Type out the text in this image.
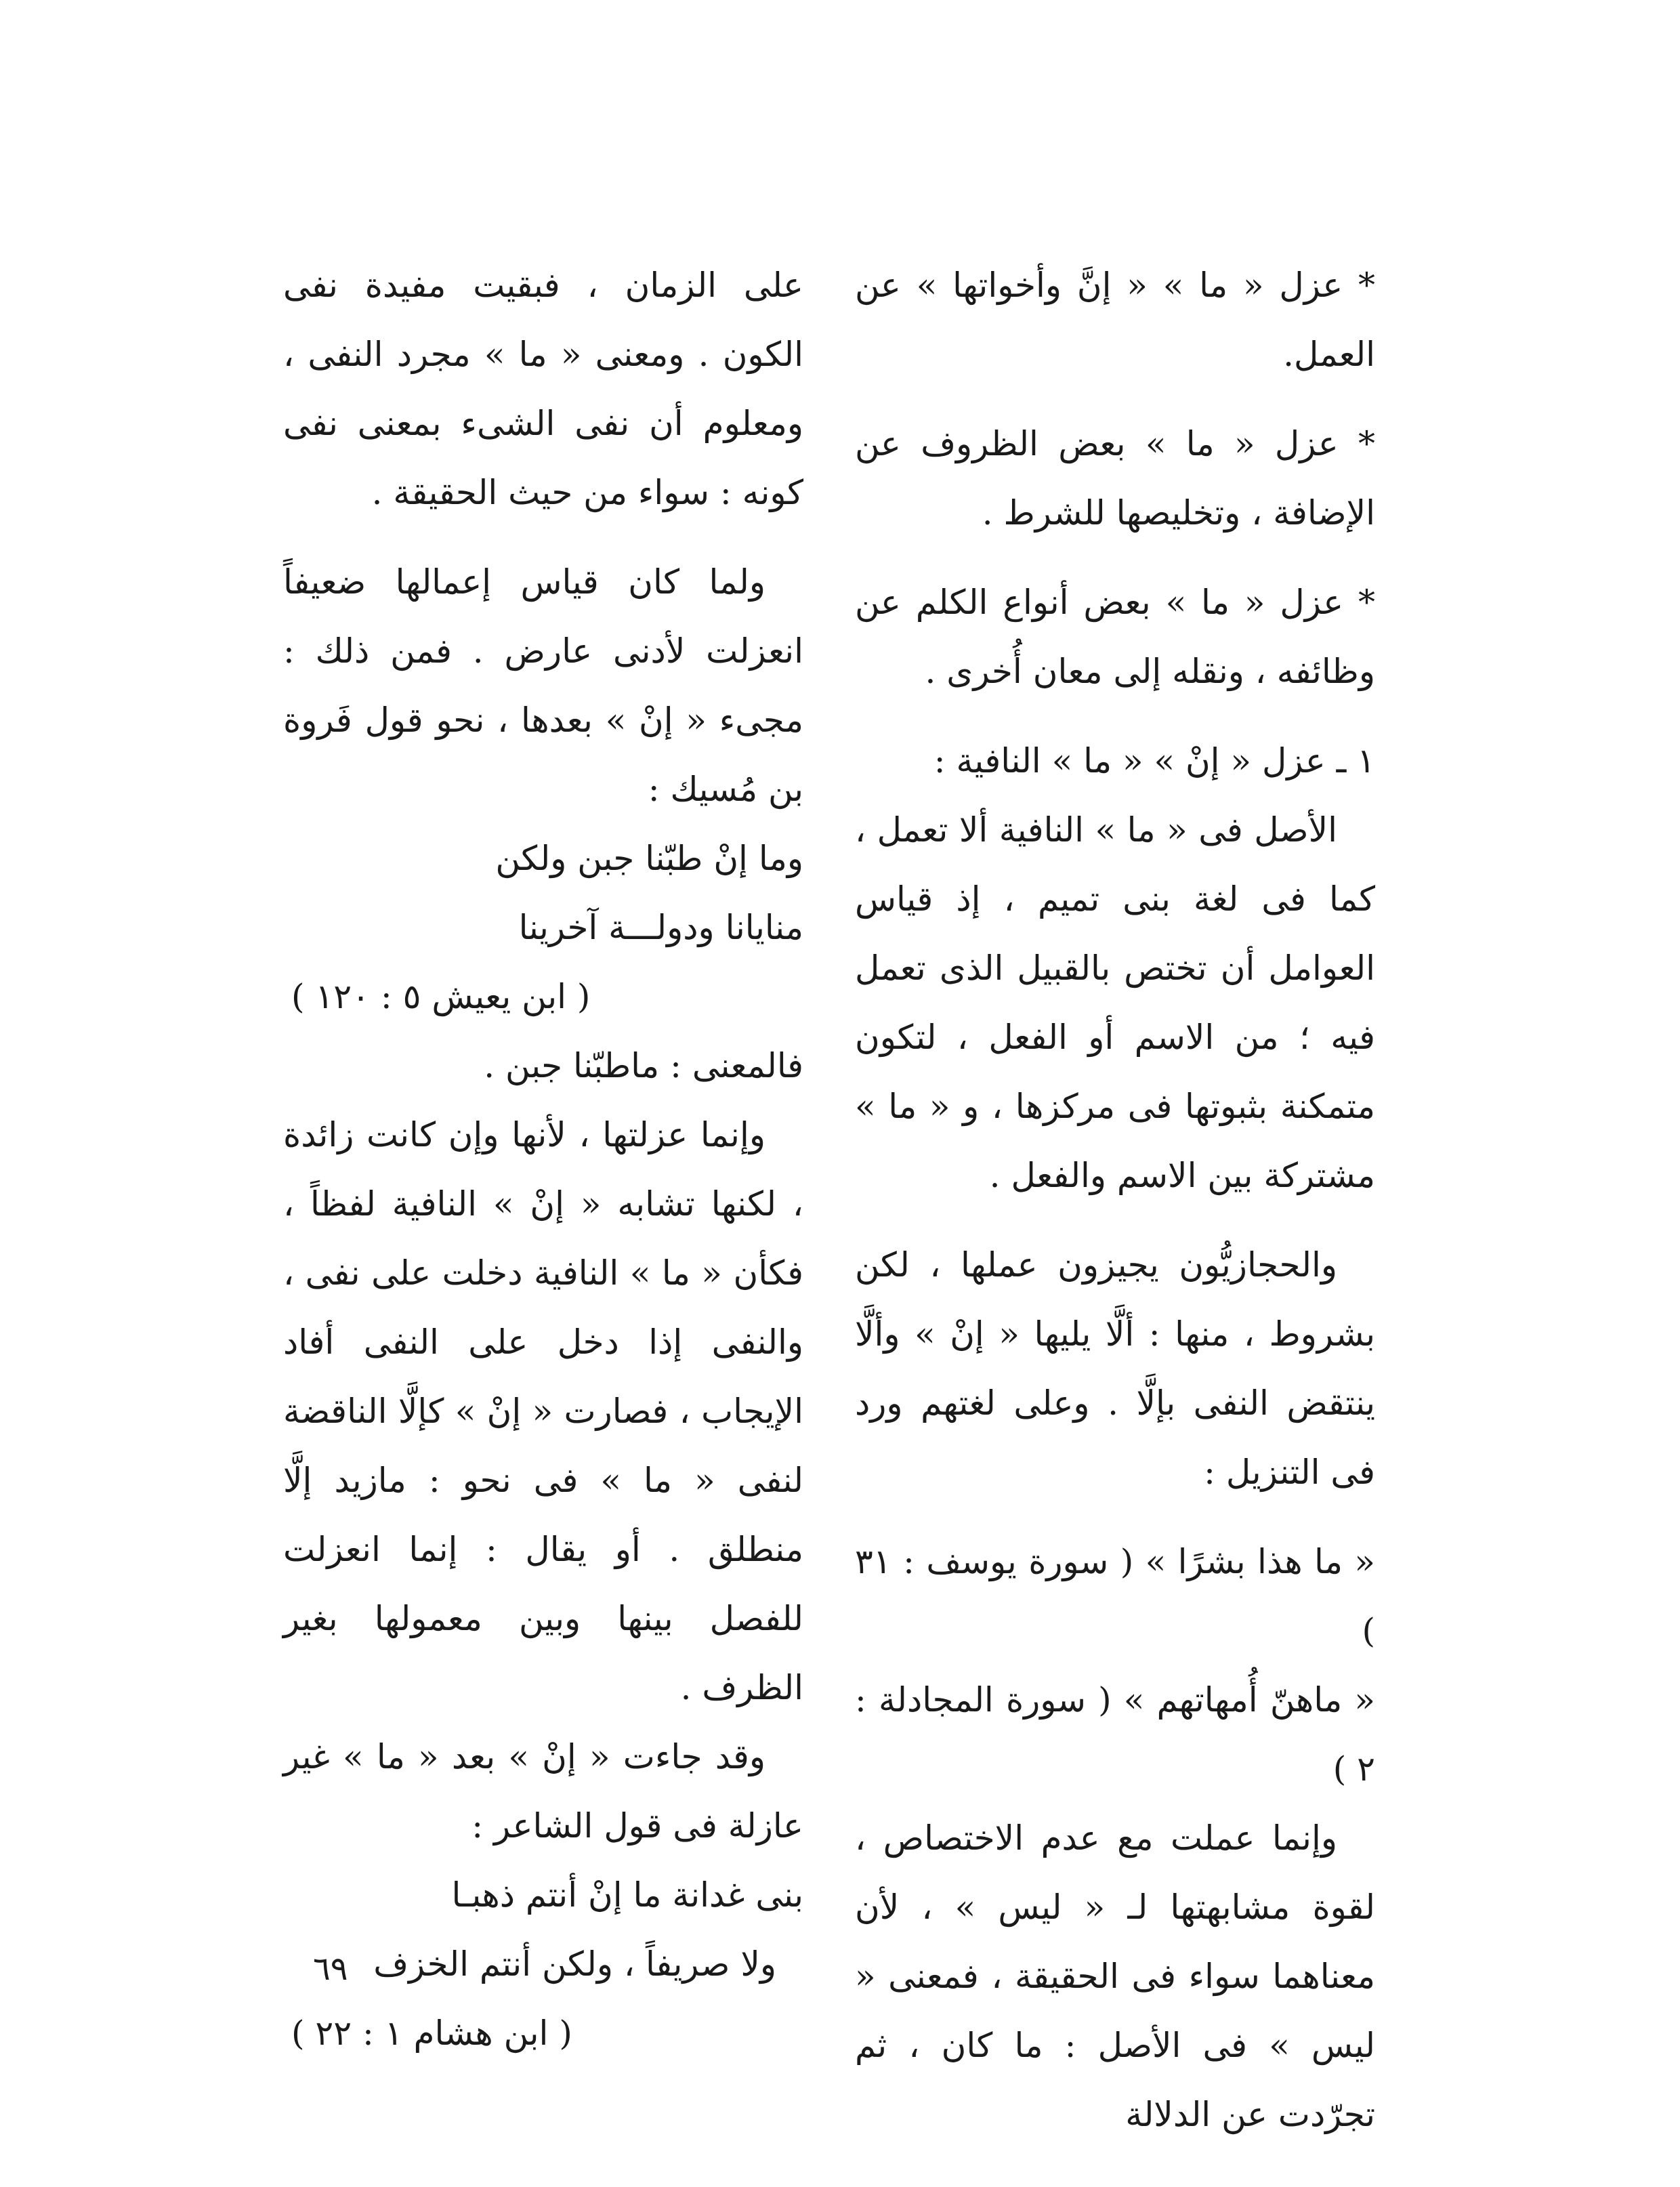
* عزل « ما » « إنَّ وأخواتها » عن العمل.

* عزل « ما » بعض الظروف عن الإضافة ، وتخليصها للشرط .

* عزل « ما » بعض أنواع الكلم عن وظائفه ، ونقله إلى معان أُخرى .

١ ـ عزل « إنْ » « ما » النافية :

الأصل فى « ما » النافية ألا تعمل ، كما فى لغة بنى تميم ، إذ قياس العوامل أن تختص بالقبيل الذى تعمل فيه ؛ من الاسم أو الفعل ، لتكون متمكنة بثبوتها فى مركزها ، و « ما » مشتركة بين الاسم والفعل .

والحجازيُّون يجيزون عملها ، لكن بشروط ، منها : ألَّا يليها « إنْ » وألَّا ينتقض النفى بإلَّا . وعلى لغتهم ورد فى التنزيل :

« ما هذا بشرًا » ( سورة يوسف : ٣١ )

« ماهنّ أُمهاتهم » ( سورة المجادلة : ٢ )

وإنما عملت مع عدم الاختصاص ، لقوة مشابهتها لـ « ليس » ، لأن معناهما سواء فى الحقيقة ، فمعنى « ليس » فى الأصل : ما كان ، ثم تجرّدت عن الدلالة

على الزمان ، فبقيت مفيدة نفى الكون . ومعنى « ما » مجرد النفى ، ومعلوم أن نفى الشىء بمعنى نفى كونه : سواء من حيث الحقيقة .

ولما كان قياس إعمالها ضعيفاً انعزلت لأدنى عارض . فمن ذلك : مجىء « إنْ » بعدها ، نحو قول فَروة بن مُسيك :

وما إنْ طبّنا جبن ولكن

منايانا ودولـــة آخرينا

( ابن يعيش ٥ : ١٢٠ )

فالمعنى : ماطبّنا جبن .

وإنما عزلتها ، لأنها وإن كانت زائدة ، لكنها تشابه « إنْ » النافية لفظاً ، فكأن « ما » النافية دخلت على نفى ، والنفى إذا دخل على النفى أفاد الإيجاب ، فصارت « إنْ » كإلَّا الناقضة لنفى « ما » فى نحو : مازيد إلَّا منطلق . أو يقال : إنما انعزلت للفصل بينها وبين معمولها بغير الظرف .

وقد جاءت « إنْ » بعد « ما » غير عازلة فى قول الشاعر :

بنى غدانة ما إنْ أنتم ذهبـا

ولا صريفاً ، ولكن أنتم الخزف

( ابن هشام ١ : ٢٢ )

٦٩
